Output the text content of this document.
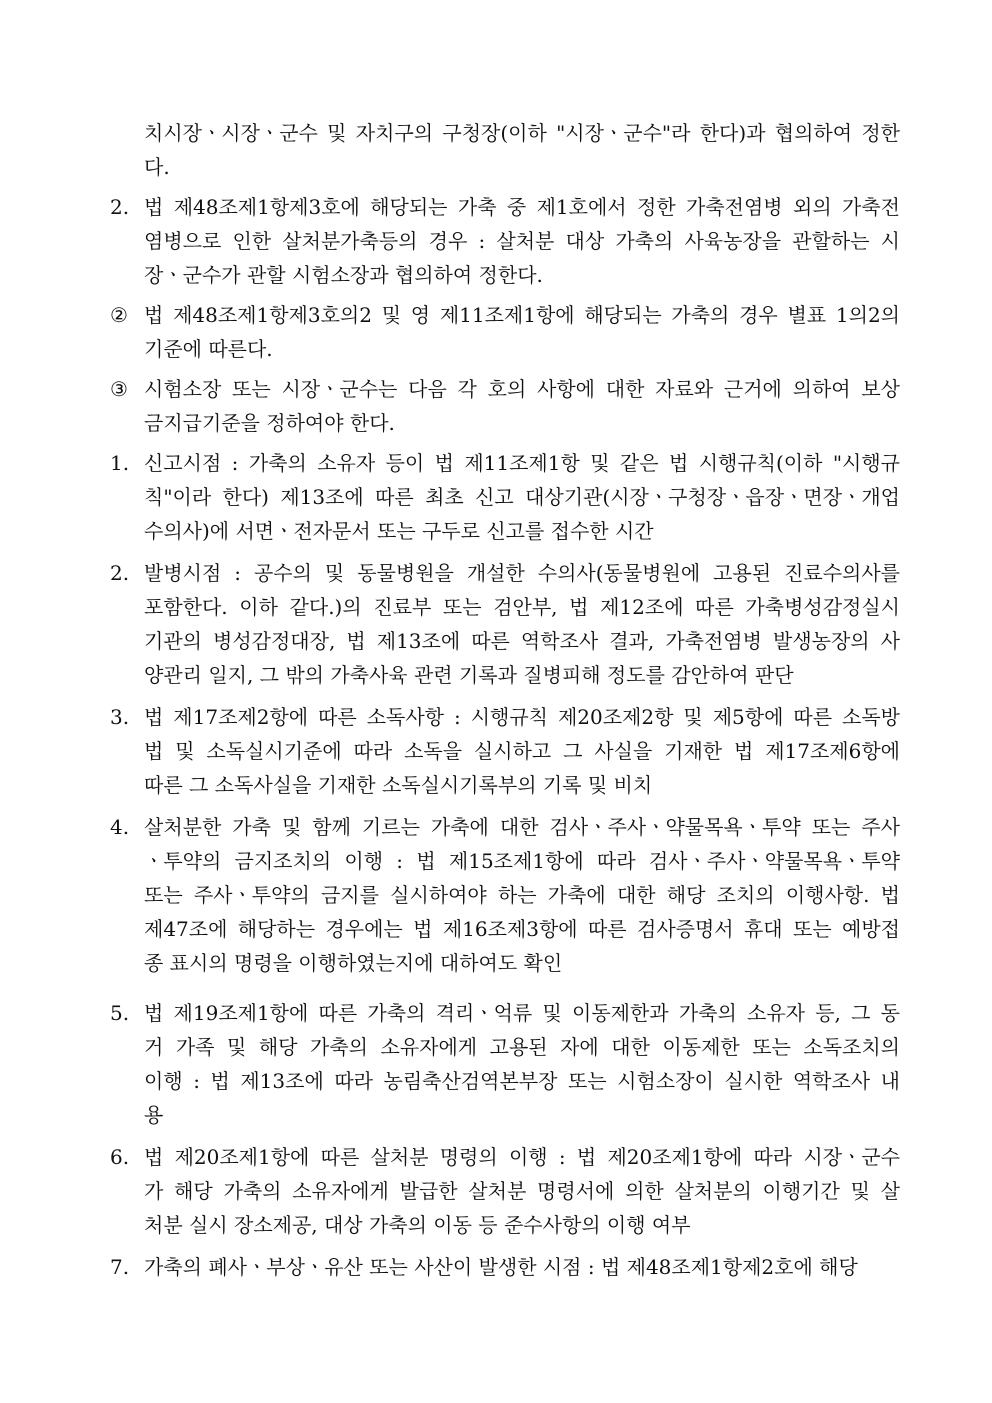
치시장ㆍ시장ㆍ군수 및 자치구의 구청장(이하 "시장ㆍ군수"라 한다)과 협의하여 정한
다.
2. 법 제48조제1항제3호에 해당되는 가축 중 제1호에서 정한 가축전염병 외의 가축전
염병으로 인한 살처분가축등의 경우 : 살처분 대상 가축의 사육농장을 관할하는 시
장ㆍ군수가 관할 시험소장과 협의하여 정한다.
② 법 제48조제1항제3호의2 및 영 제11조제1항에 해당되는 가축의 경우 별표 1의2의
기준에 따른다.
③ 시험소장 또는 시장ㆍ군수는 다음 각 호의 사항에 대한 자료와 근거에 의하여 보상
금지급기준을 정하여야 한다.
1. 신고시점 : 가축의 소유자 등이 법 제11조제1항 및 같은 법 시행규칙(이하 "시행규
칙"이라 한다) 제13조에 따른 최초 신고 대상기관(시장ㆍ구청장ㆍ읍장ㆍ면장ㆍ개업
수의사)에 서면ㆍ전자문서 또는 구두로 신고를 접수한 시간
2. 발병시점 : 공수의 및 동물병원을 개설한 수의사(동물병원에 고용된 진료수의사를
포함한다. 이하 같다.)의 진료부 또는 검안부, 법 제12조에 따른 가축병성감정실시
기관의 병성감정대장, 법 제13조에 따른 역학조사 결과, 가축전염병 발생농장의 사
양관리 일지, 그 밖의 가축사육 관련 기록과 질병피해 정도를 감안하여 판단
3. 법 제17조제2항에 따른 소독사항 : 시행규칙 제20조제2항 및 제5항에 따른 소독방
법 및 소독실시기준에 따라 소독을 실시하고 그 사실을 기재한 법 제17조제6항에
따른 그 소독사실을 기재한 소독실시기록부의 기록 및 비치
4. 살처분한 가축 및 함께 기르는 가축에 대한 검사ㆍ주사ㆍ약물목욕ㆍ투약 또는 주사
ㆍ투약의 금지조치의 이행 : 법 제15조제1항에 따라 검사ㆍ주사ㆍ약물목욕ㆍ투약
또는 주사ㆍ투약의 금지를 실시하여야 하는 가축에 대한 해당 조치의 이행사항. 법
제47조에 해당하는 경우에는 법 제16조제3항에 따른 검사증명서 휴대 또는 예방접
종 표시의 명령을 이행하였는지에 대하여도 확인
5. 법 제19조제1항에 따른 가축의 격리ㆍ억류 및 이동제한과 가축의 소유자 등, 그 동
거 가족 및 해당 가축의 소유자에게 고용된 자에 대한 이동제한 또는 소독조치의
이행 : 법 제13조에 따라 농림축산검역본부장 또는 시험소장이 실시한 역학조사 내
용
6. 법 제20조제1항에 따른 살처분 명령의 이행 : 법 제20조제1항에 따라 시장ㆍ군수
가 해당 가축의 소유자에게 발급한 살처분 명령서에 의한 살처분의 이행기간 및 살
처분 실시 장소제공, 대상 가축의 이동 등 준수사항의 이행 여부
7. 가축의 폐사ㆍ부상ㆍ유산 또는 사산이 발생한 시점 : 법 제48조제1항제2호에 해당
